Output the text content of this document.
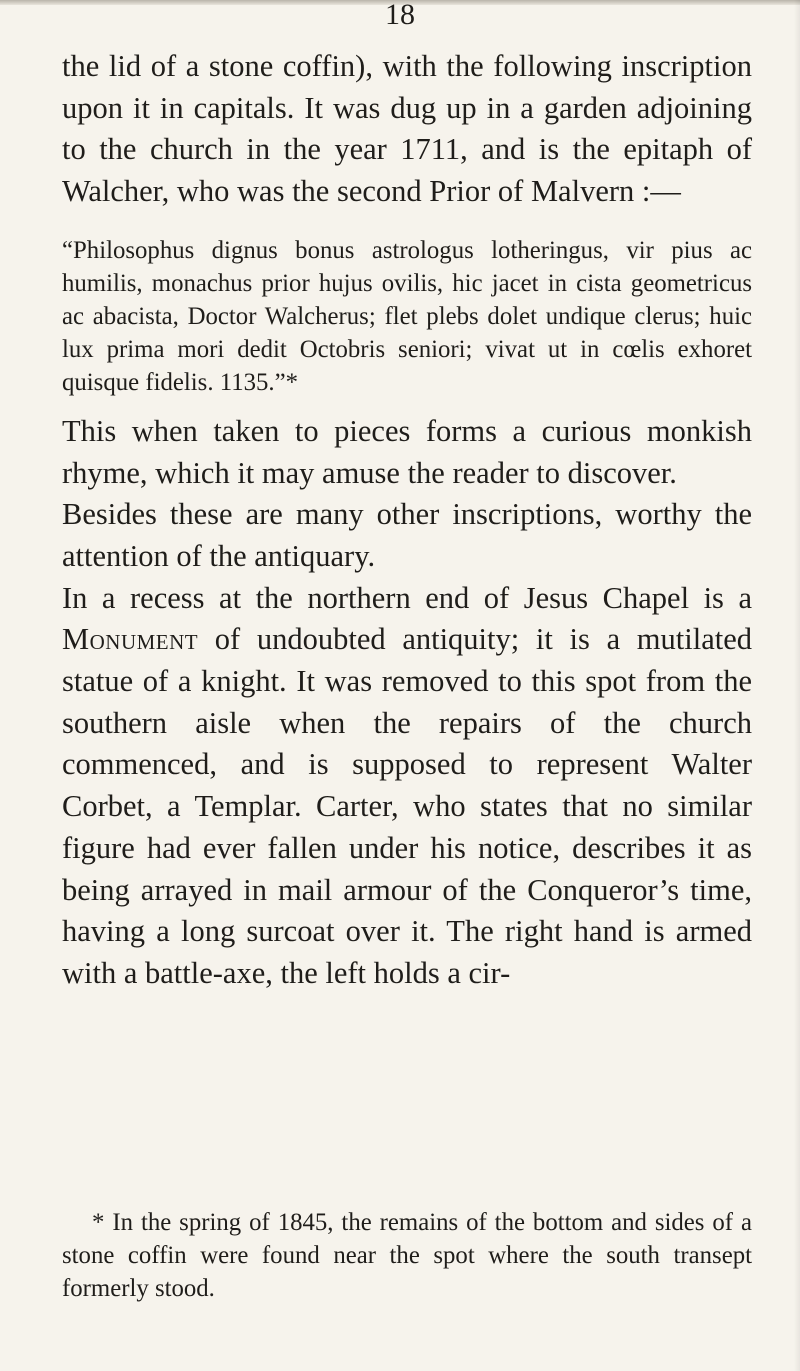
18

the lid of a stone coffin), with the following inscription upon it in capitals. It was dug up in a garden adjoining to the church in the year 1711, and is the epitaph of Walcher, who was the second Prior of Malvern :—

“Philosophus dignus bonus astrologus lotheringus, vir pius ac humilis, monachus prior hujus ovilis, hic jacet in cista geometricus ac abacista, Doctor Walcherus; flet plebs dolet undique clerus; huic lux prima mori dedit Octobris seniori; vivat ut in cœlis exhoret quisque fidelis. 1135.”*

This when taken to pieces forms a curious monkish rhyme, which it may amuse the reader to discover.

Besides these are many other inscriptions, worthy the attention of the antiquary.

In a recess at the northern end of Jesus Chapel is a Monument of undoubted antiquity; it is a mutilated statue of a knight. It was removed to this spot from the southern aisle when the repairs of the church commenced, and is supposed to represent Walter Corbet, a Templar. Carter, who states that no similar figure had ever fallen under his notice, describes it as being arrayed in mail armour of the Conqueror’s time, having a long surcoat over it. The right hand is armed with a battle-axe, the left holds a cir-

* In the spring of 1845, the remains of the bottom and sides of a stone coffin were found near the spot where the south transept formerly stood.
